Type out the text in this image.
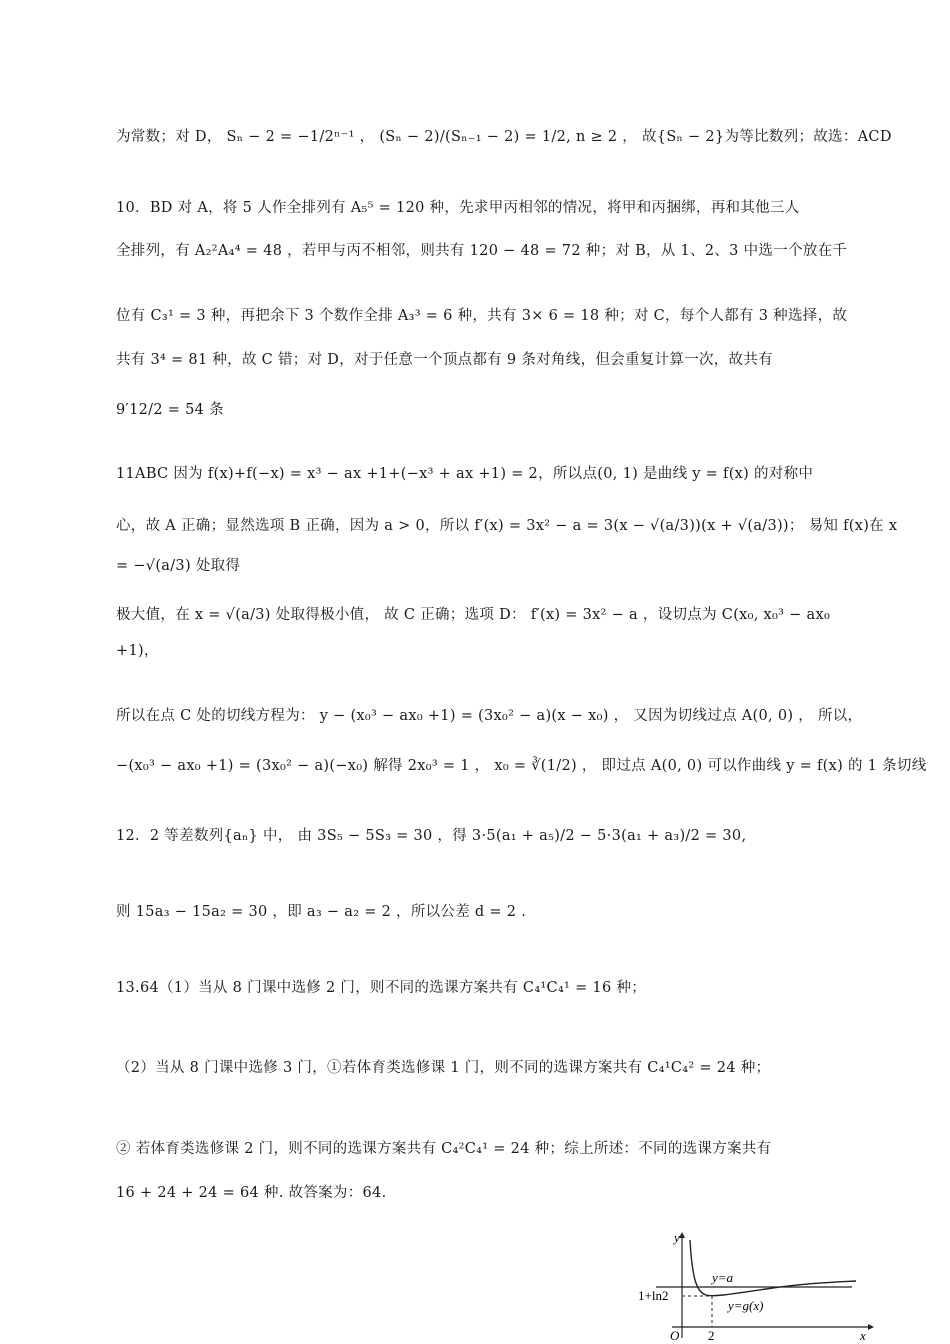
为常数；对 D， Sₙ − 2 = −1/2ⁿ⁻¹ ， (Sₙ − 2)/(Sₙ₋₁ − 2) = 1/2, n ≥ 2 ， 故{Sₙ − 2}为等比数列；故选：ACD
10．BD 对 A，将 5 人作全排列有 A₅⁵ = 120 种，先求甲丙相邻的情况，将甲和丙捆绑，再和其他三人
全排列，有 A₂²A₄⁴ = 48 ，若甲与丙不相邻，则共有 120 − 48 = 72 种；对 B，从 1、2、3 中选一个放在千
位有 C₃¹ = 3 种，再把余下 3 个数作全排 A₃³ = 6 种，共有 3× 6 = 18 种；对 C，每个人都有 3 种选择，故
共有 3⁴ = 81 种，故 C 错；对 D，对于任意一个顶点都有 9 条对角线，但会重复计算一次，故共有
9′12/2 = 54 条
11ABC 因为 f(x)+f(−x) = x³ − ax +1+(−x³ + ax +1) = 2，所以点(0, 1) 是曲线 y = f(x) 的对称中
心，故 A 正确；显然选项 B 正确，因为 a > 0，所以 f′(x) = 3x² − a = 3(x − √(a/3))(x + √(a/3))； 易知 f(x)在 x
= −√(a/3) 处取得
极大值，在 x = √(a/3) 处取得极小值， 故 C 正确；选项 D： f′(x) = 3x² − a ，设切点为 C(x₀, x₀³ − ax₀
+1)，
所以在点 C 处的切线方程为： y − (x₀³ − ax₀ +1) = (3x₀² − a)(x − x₀) ， 又因为切线过点 A(0, 0) ， 所以，
−(x₀³ − ax₀ +1) = (3x₀² − a)(−x₀) 解得 2x₀³ = 1 ， x₀ = ∛(1/2) ， 即过点 A(0, 0) 可以作曲线 y = f(x) 的 1 条切线
12．2 等差数列{aₙ} 中， 由 3S₅ − 5S₃ = 30 ，得 3·5(a₁ + a₅)/2 − 5·3(a₁ + a₃)/2 = 30,
则 15a₃ − 15a₂ = 30 ，即 a₃ − a₂ = 2 ，所以公差 d = 2 .
13.64（1）当从 8 门课中选修 2 门，则不同的选课方案共有 C₄¹C₄¹ = 16 种；
（2）当从 8 门课中选修 3 门，①若体育类选修课 1 门，则不同的选课方案共有 C₄¹C₄² = 24 种；
② 若体育类选修课 2 门，则不同的选课方案共有 C₄²C₄¹ = 24 种；综上所述：不同的选课方案共有
16 + 24 + 24 = 64 种. 故答案为：64.
y
x
O 2
1+ln2
y=a
y=g(x)
